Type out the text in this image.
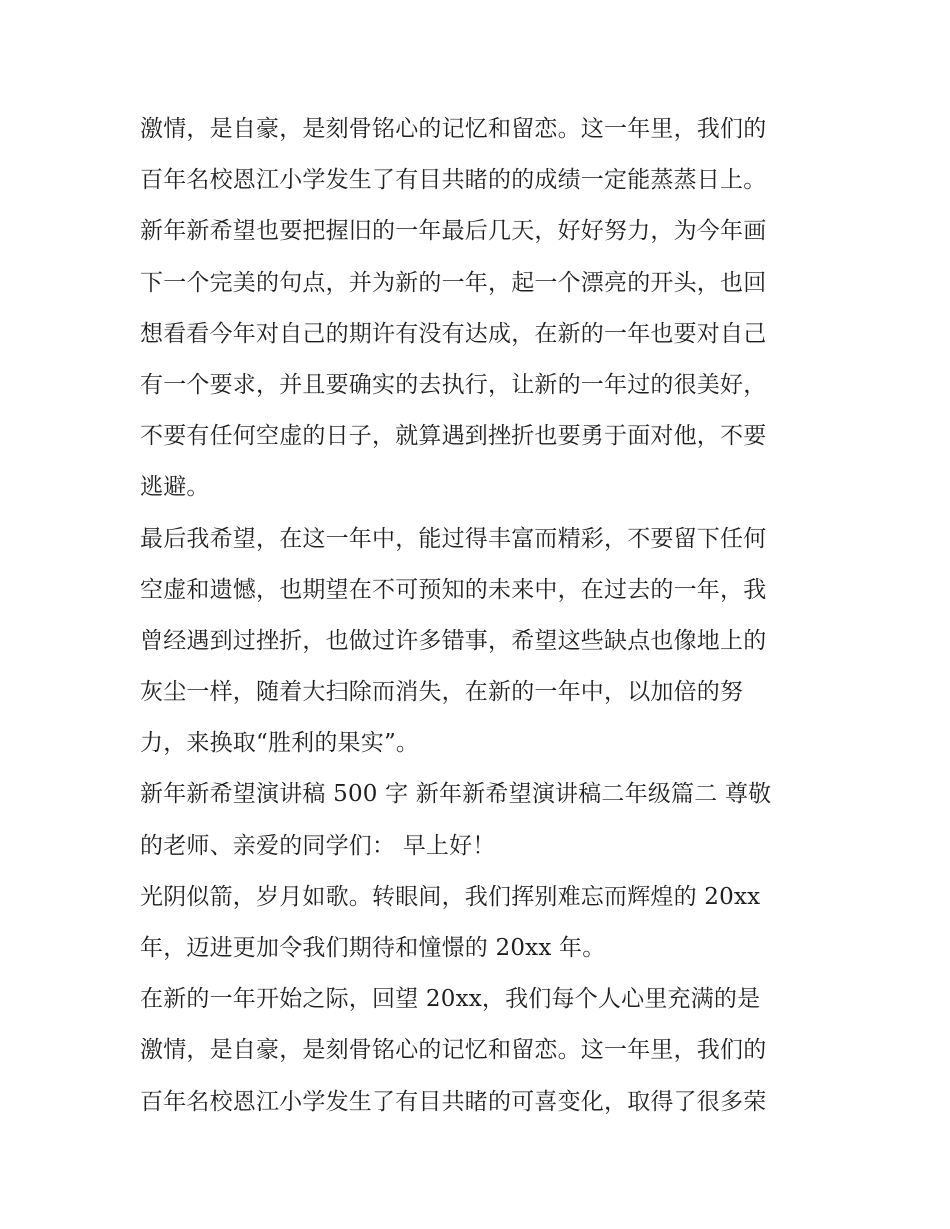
激情，是自豪，是刻骨铭心的记忆和留恋。这一年里，我们的
百年名校恩江小学发生了有目共睹的的成绩一定能蒸蒸日上。
新年新希望也要把握旧的一年最后几天，好好努力，为今年画
下一个完美的句点，并为新的一年，起一个漂亮的开头，也回
想看看今年对自己的期许有没有达成，在新的一年也要对自己
有一个要求，并且要确实的去执行，让新的一年过的很美好，
不要有任何空虚的日子，就算遇到挫折也要勇于面对他，不要
逃避。
最后我希望，在这一年中，能过得丰富而精彩，不要留下任何
空虚和遗憾，也期望在不可预知的未来中，在过去的一年，我
曾经遇到过挫折，也做过许多错事，希望这些缺点也像地上的
灰尘一样，随着大扫除而消失，在新的一年中，以加倍的努
力，来换取“胜利的果实”。
新年新希望演讲稿 500 字 新年新希望演讲稿二年级篇二 尊敬
的老师、亲爱的同学们： 早上好！
光阴似箭，岁月如歌。转眼间，我们挥别难忘而辉煌的 20xx
年，迈进更加令我们期待和憧憬的 20xx 年。
在新的一年开始之际，回望 20xx，我们每个人心里充满的是
激情，是自豪，是刻骨铭心的记忆和留恋。这一年里，我们的
百年名校恩江小学发生了有目共睹的可喜变化，取得了很多荣
